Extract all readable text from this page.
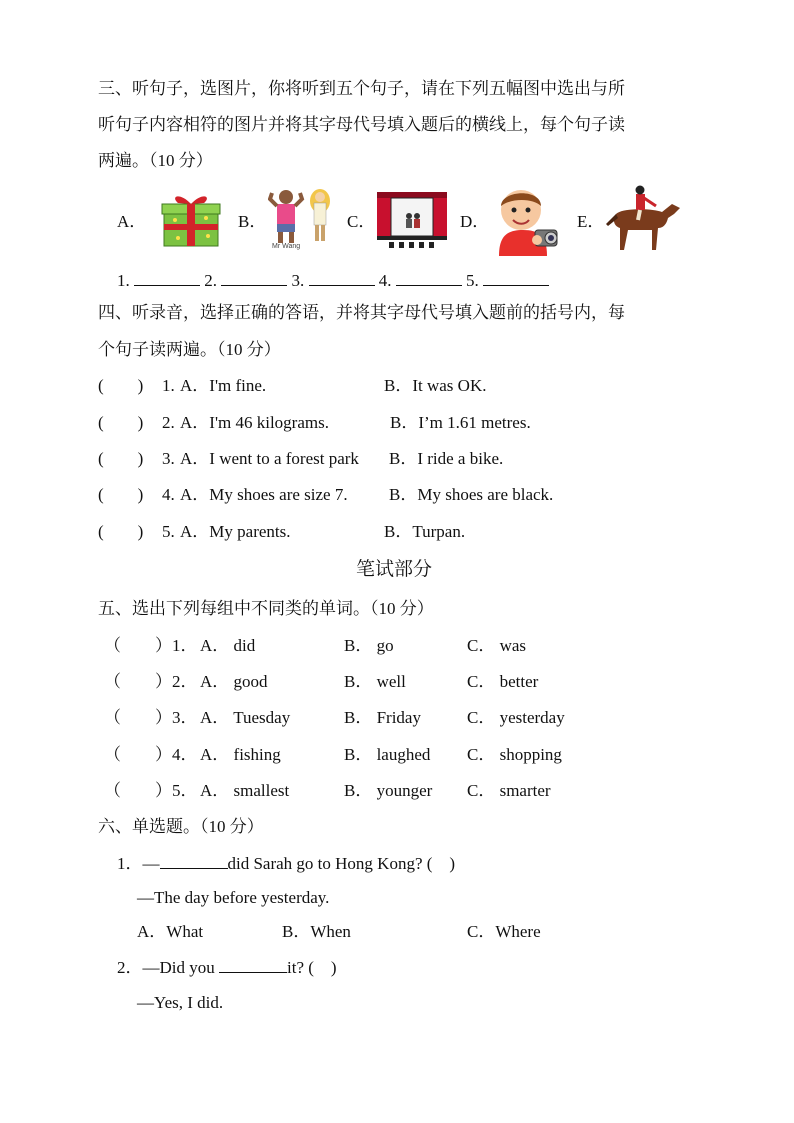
三、听句子，选图片，你将听到五个句子，请在下列五幅图中选出与所
听句子内容相符的图片并将其字母代号填入题后的横线上，每个句子读
两遍。（10 分）
A．	B．
Mr Wang
C．	D．	E．
1.	2.	3.	4.	5.
四、听录音，选择正确的答语，并将其字母代号填入题前的括号内，每
个句子读两遍。（10 分）
(　　) 1. A．I'm fine.	B．It was OK.
(　　) 2. A．I'm 46 kilograms.	B．I’m 1.61 metres.
(　　) 3. A．I went to a forest park B．I ride a bike.
(　　) 4. A．My shoes are size 7. B．My shoes are black.
(　　) 5. A．My parents.	B．Turpan.
笔试部分
五、选出下列每组中不同类的单词。（10 分）
（　　） 1． A． did	B． go	C． was
（　　） 2． A． good	B． well	C． better
（　　） 3． A． Tuesday	B． Friday	C． yesterday
（　　） 4． A． fishing	B． laughed C． shopping
（　　） 5． A． smallest	B． younger C． smarter
六、单选题。（10 分）
1．—	did Sarah go to Hong Kong? (　)
—The day before yesterday.
A．What	B．When	C．Where
2．—Did you	it? (　)
—Yes, I did.
